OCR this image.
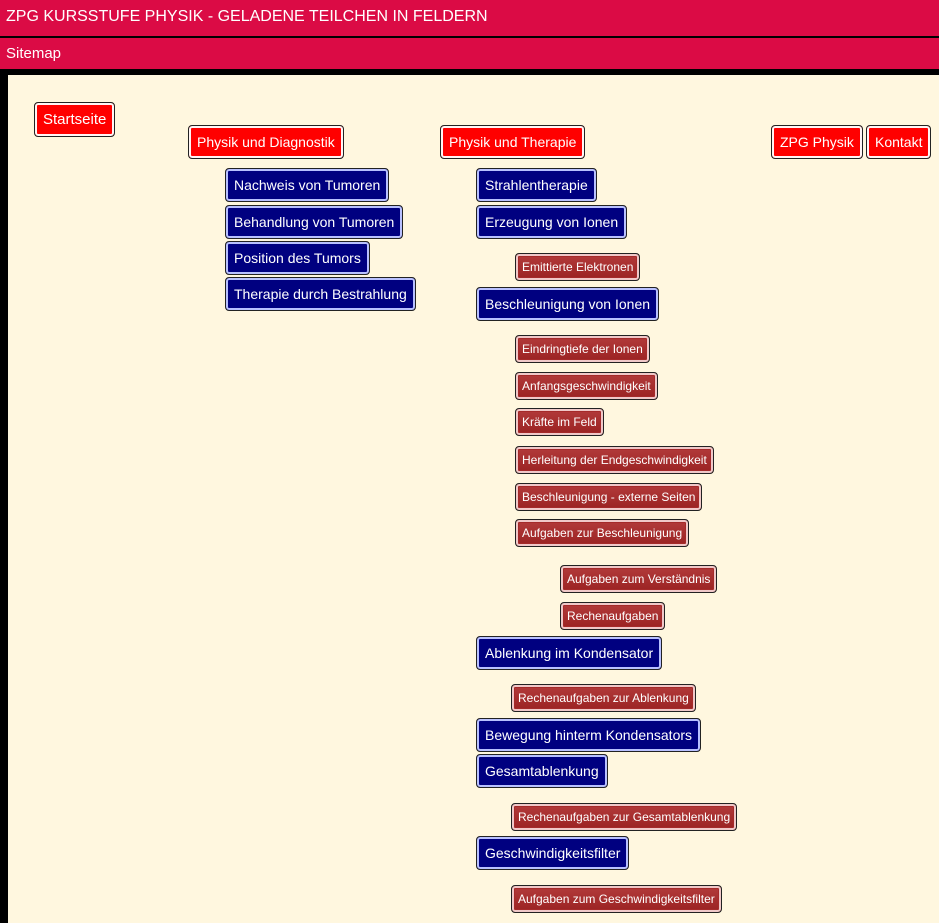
ZPG KURSSTUFE PHYSIK - GELADENE TEILCHEN IN FELDERN
Sitemap
Startseite
Physik und Diagnostik	Physik und Therapie	ZPG Physik	Kontakt
Nachweis von Tumoren
Behandlung von Tumoren
Position des Tumors
Therapie durch Bestrahlung
Strahlentherapie
Erzeugung von Ionen
Emittierte Elektronen
Beschleunigung von Ionen
Eindringtiefe der Ionen
Anfangsgeschwindigkeit
Kräfte im Feld
Herleitung der Endgeschwindigkeit
Beschleunigung - externe Seiten
Aufgaben zur Beschleunigung
Aufgaben zum Verständnis
Rechenaufgaben
Ablenkung im Kondensator
Rechenaufgaben zur Ablenkung
Bewegung hinterm Kondensators
Gesamtablenkung
Rechenaufgaben zur Gesamtablenkung
Geschwindigkeitsfilter
Aufgaben zum Geschwindigkeitsfilter
